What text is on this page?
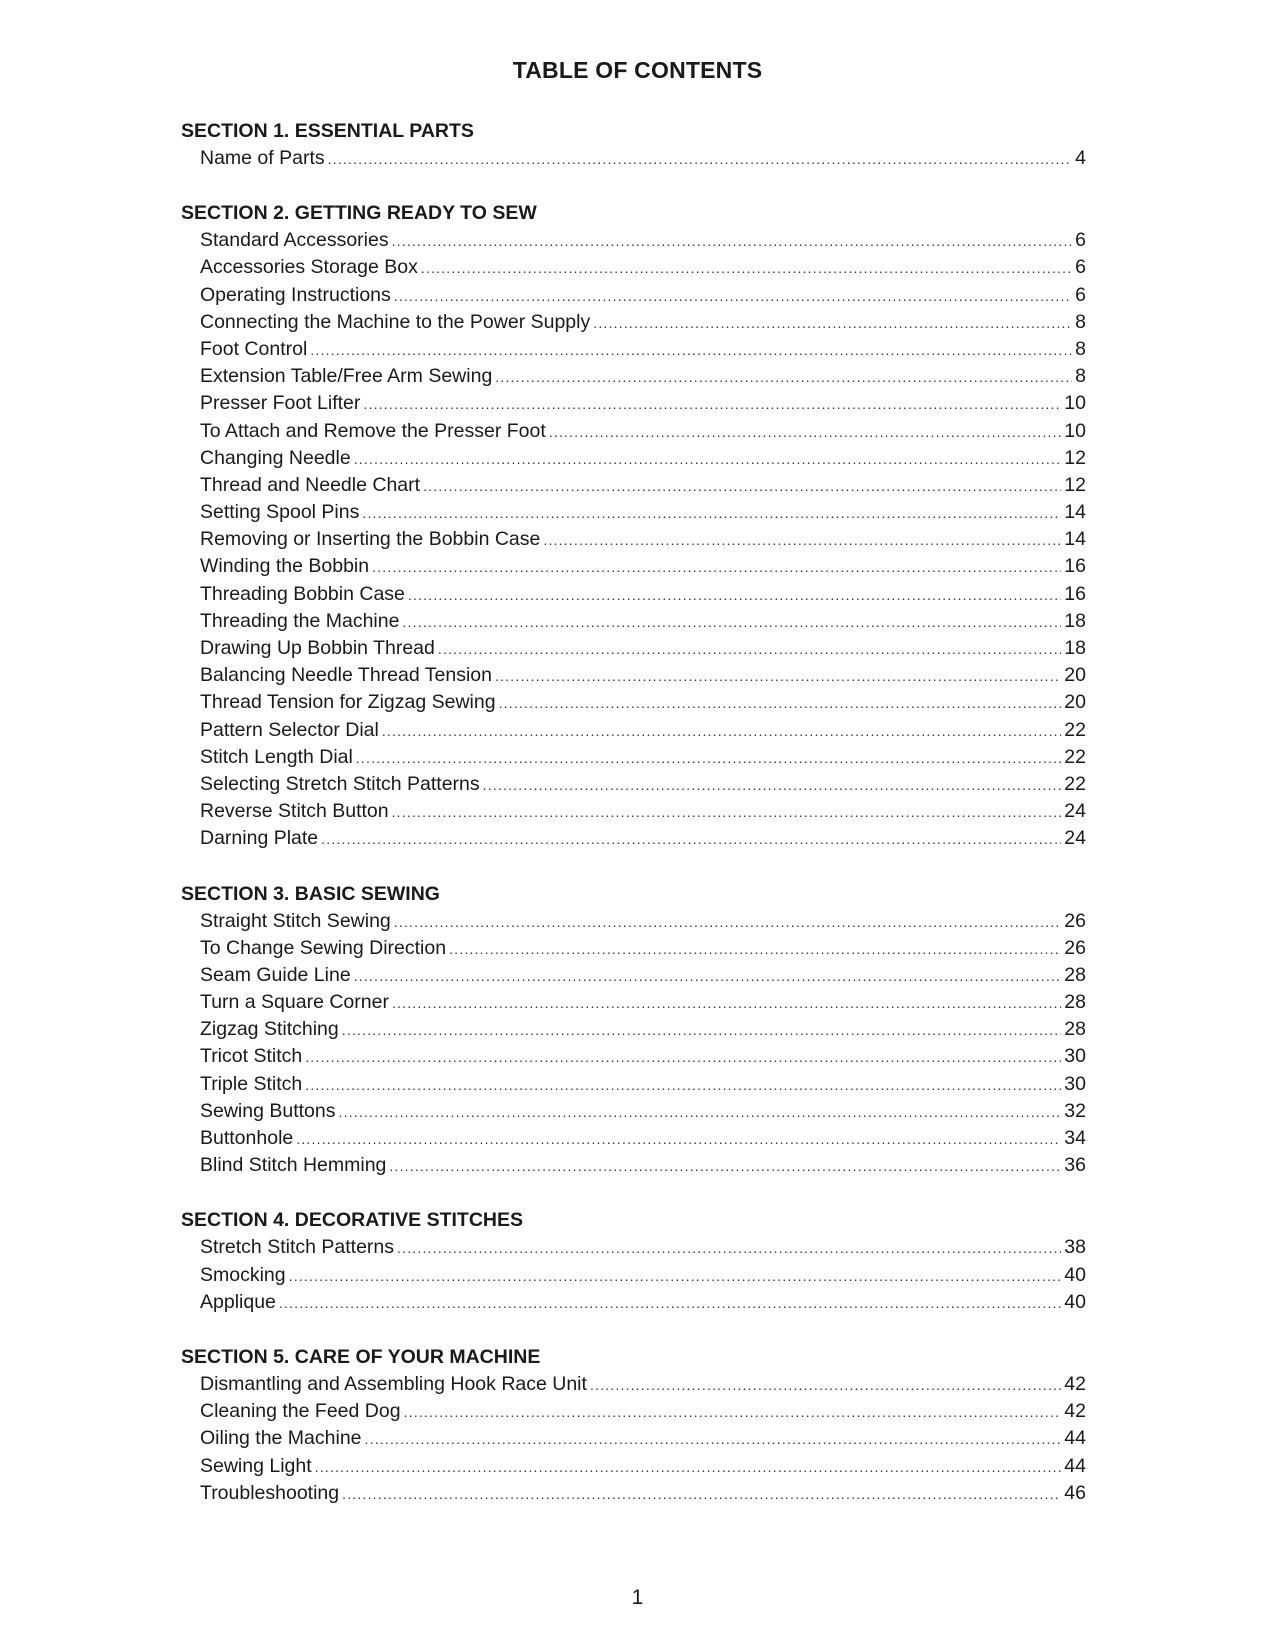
TABLE OF CONTENTS
SECTION 1. ESSENTIAL PARTS
Name of Parts .....	4
SECTION 2. GETTING READY TO SEW
Standard Accessories .....	6
Accessories Storage Box .....	6
Operating Instructions .....	6
Connecting the Machine to the Power Supply .....	8
Foot Control .....	8
Extension Table/Free Arm Sewing .....	8
Presser Foot Lifter .....	10
To Attach and Remove the Presser Foot .....	10
Changing Needle .....	12
Thread and Needle Chart .....	12
Setting Spool Pins .....	14
Removing or Inserting the Bobbin Case .....	14
Winding the Bobbin .....	16
Threading Bobbin Case .....	16
Threading the Machine .....	18
Drawing Up Bobbin Thread .....	18
Balancing Needle Thread Tension .....	20
Thread Tension for Zigzag Sewing .....	20
Pattern Selector Dial .....	22
Stitch Length Dial .....	22
Selecting Stretch Stitch Patterns .....	22
Reverse Stitch Button .....	24
Darning Plate .....	24
SECTION 3. BASIC SEWING
Straight Stitch Sewing .....	26
To Change Sewing Direction .....	26
Seam Guide Line .....	28
Turn a Square Corner .....	28
Zigzag Stitching .....	28
Tricot Stitch .....	30
Triple Stitch .....	30
Sewing Buttons .....	32
Buttonhole .....	34
Blind Stitch Hemming .....	36
SECTION 4. DECORATIVE STITCHES
Stretch Stitch Patterns .....	38
Smocking .....	40
Applique .....	40
SECTION 5. CARE OF YOUR MACHINE
Dismantling and Assembling Hook Race Unit .....	42
Cleaning the Feed Dog .....	42
Oiling the Machine .....	44
Sewing Light .....	44
Troubleshooting .....	46
1
